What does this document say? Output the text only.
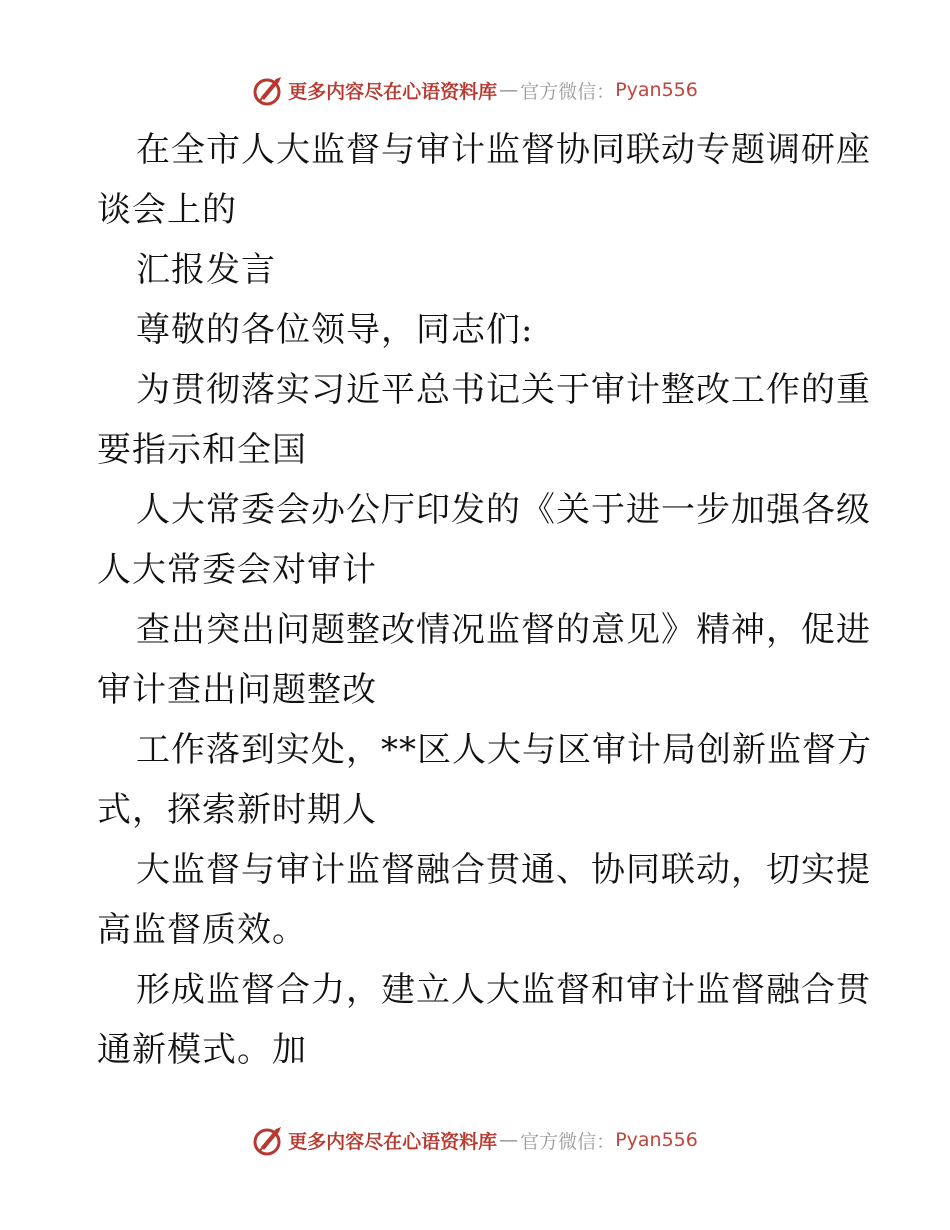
更多内容尽在心语资料库 — 官方微信： Pyan556
在全市人大监督与审计监督协同联动专题调研座
谈会上的
汇报发言
尊敬的各位领导，同志们:
为贯彻落实习近平总书记关于审计整改工作的重
要指示和全国
人大常委会办公厅印发的《关于进一步加强各级
人大常委会对审计
查出突出问题整改情况监督的意见》精神，促进
审计查出问题整改
工作落到实处，**区人大与区审计局创新监督方
式，探索新时期人
大监督与审计监督融合贯通、协同联动，切实提
高监督质效。
形成监督合力，建立人大监督和审计监督融合贯
通新模式。加
更多内容尽在心语资料库 — 官方微信： Pyan556
